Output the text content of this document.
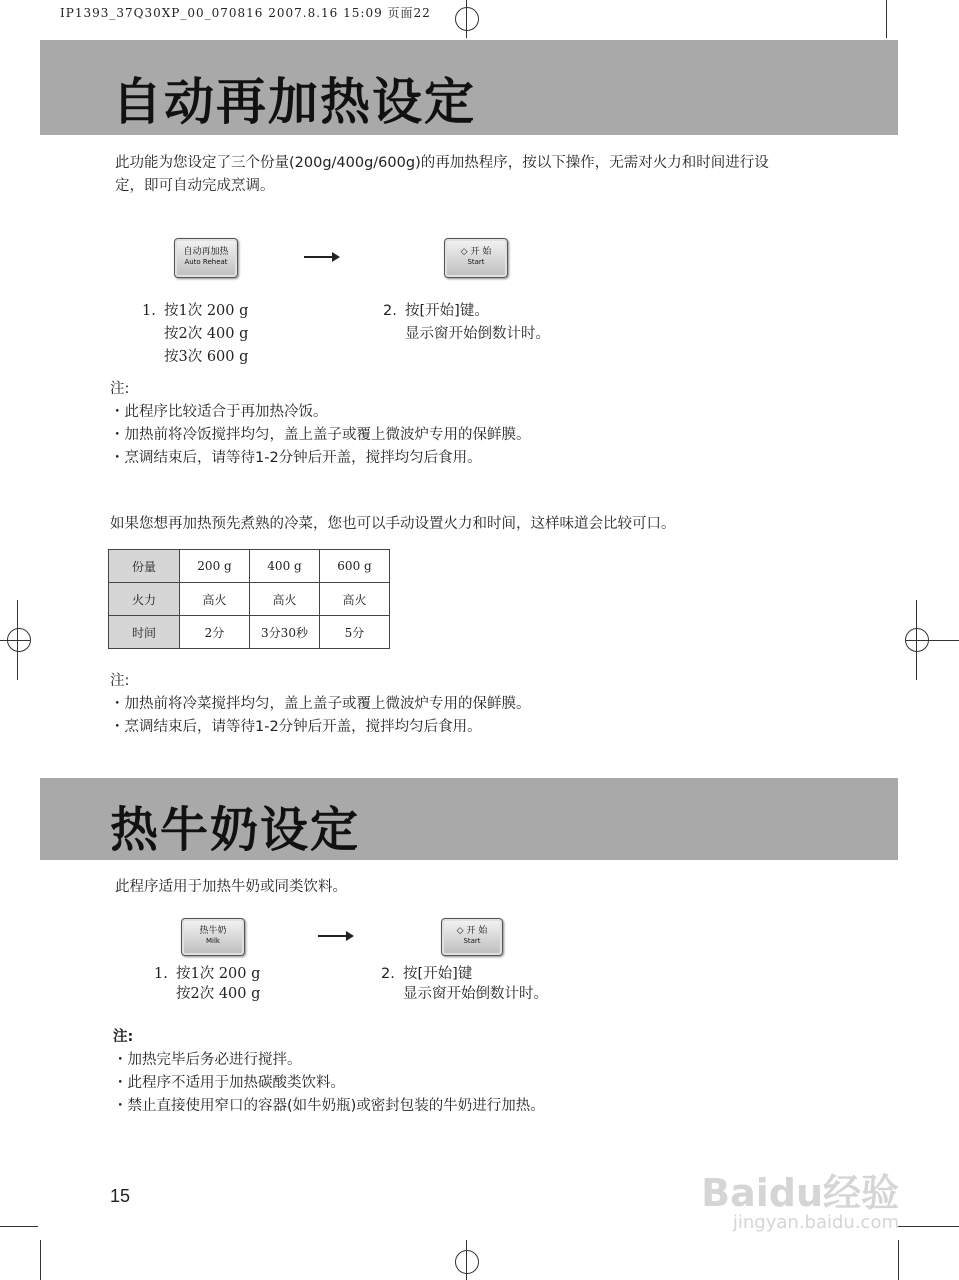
IP1393_37Q30XP_00_070816 2007.8.16 15:09 页面22
自动再加热设定
此功能为您设定了三个份量(200g/400g/600g)的再加热程序，按以下操作，无需对火力和时间进行设
定，即可自动完成烹调。
自动再加热
Auto Reheat
◇ 开 始
Start
1. 按1次 200 g
按2次 400 g
按3次 600 g
2. 按[开始]键。
显示窗开始倒数计时。
注:
・此程序比较适合于再加热冷饭。
・加热前将冷饭搅拌均匀，盖上盖子或覆上微波炉专用的保鲜膜。
・烹调结束后，请等待1-2分钟后开盖，搅拌均匀后食用。
如果您想再加热预先煮熟的冷菜，您也可以手动设置火力和时间，这样味道会比较可口。
份量	200 g	400 g	600 g
火力	高火	高火	高火
时间	2分	3分30秒	5分
注:
・加热前将冷菜搅拌均匀，盖上盖子或覆上微波炉专用的保鲜膜。
・烹调结束后，请等待1-2分钟后开盖，搅拌均匀后食用。
热牛奶设定
此程序适用于加热牛奶或同类饮料。
热牛奶
Milk
◇ 开 始
Start
1. 按1次 200 g
按2次 400 g
2. 按[开始]键
显示窗开始倒数计时。
注:
・加热完毕后务必进行搅拌。
・此程序不适用于加热碳酸类饮料。
・禁止直接使用窄口的容器(如牛奶瓶)或密封包装的牛奶进行加热。
15	Baidu经验
jingyan.baidu.com
